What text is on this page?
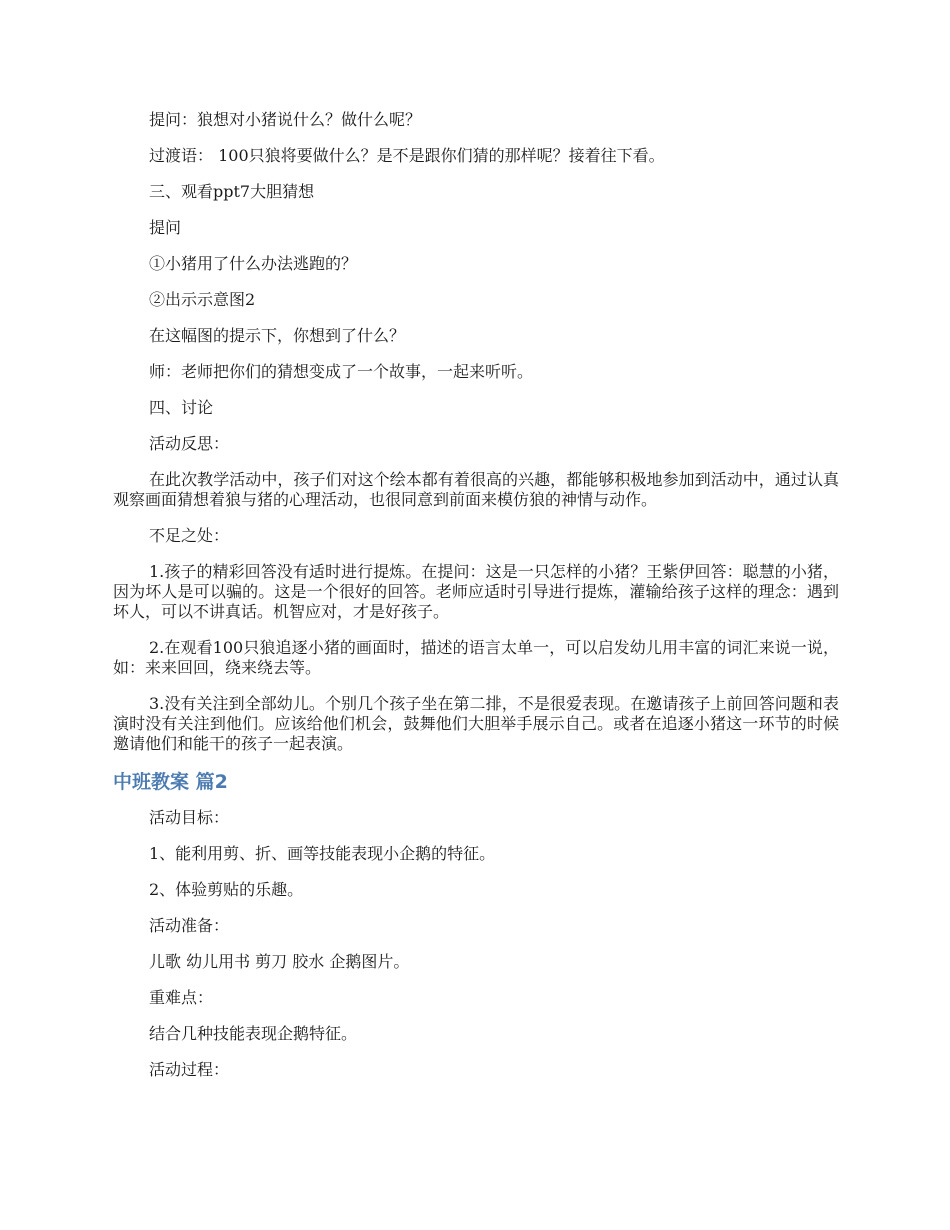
提问：狼想对小猪说什么？做什么呢？

过渡语： 100只狼将要做什么？是不是跟你们猜的那样呢？接着往下看。

三、观看ppt7大胆猜想

提问

①小猪用了什么办法逃跑的？

②出示示意图2

在这幅图的提示下，你想到了什么？

师：老师把你们的猜想变成了一个故事，一起来听听。

四、讨论

活动反思：

在此次教学活动中，孩子们对这个绘本都有着很高的兴趣，都能够积极地参加到活动中，通过认真观察画面猜想着狼与猪的心理活动，也很同意到前面来模仿狼的神情与动作。

不足之处：

1.孩子的精彩回答没有适时进行提炼。在提问：这是一只怎样的小猪？王紫伊回答：聪慧的小猪，因为坏人是可以骗的。这是一个很好的回答。老师应适时引导进行提炼，灌输给孩子这样的理念：遇到坏人，可以不讲真话。机智应对，才是好孩子。

2.在观看100只狼追逐小猪的画面时，描述的语言太单一，可以启发幼儿用丰富的词汇来说一说，如：来来回回，绕来绕去等。

3.没有关注到全部幼儿。个别几个孩子坐在第二排，不是很爱表现。在邀请孩子上前回答问题和表演时没有关注到他们。应该给他们机会，鼓舞他们大胆举手展示自己。或者在追逐小猪这一环节的时候邀请他们和能干的孩子一起表演。

中班教案 篇2

活动目标：

1、能利用剪、折、画等技能表现小企鹅的特征。

2、体验剪贴的乐趣。

活动准备：

儿歌 幼儿用书 剪刀 胶水 企鹅图片。

重难点：

结合几种技能表现企鹅特征。

活动过程：
